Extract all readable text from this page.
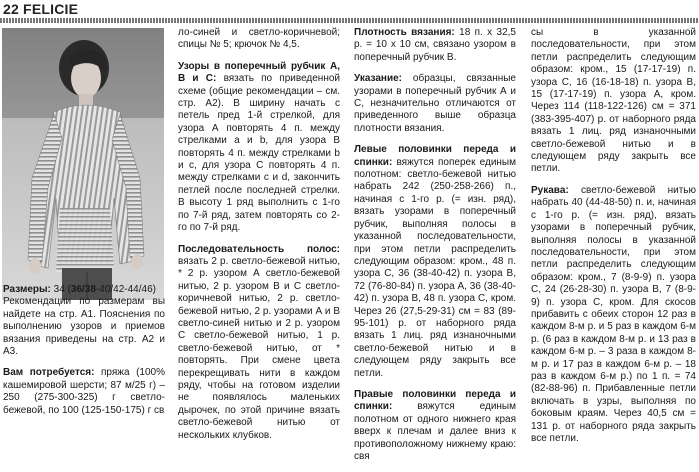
22 FELICIE

Размеры: 34 (36/38-40/42-44/46)
Рекомендации по размерам вы найдете на стр. А1. Пояснения по выполнению узоров и приемов вязания приведены на стр. А2 и А3.

Вам потребуется: пряжа (100% кашемировой шерсти; 87 м/25 г) – 250 (275-300-325) г светло-бежевой, по 100 (125-150-175) г св

ло-синей и светло-коричневой; спицы № 5; крючок № 4,5.

Узоры в поперечный рубчик А, В и С: вязать по приведенной схеме (общие рекомендации – см. стр. А2). В ширину начать с петель пред 1-й стрелкой, для узора А повторять 4 п. между стрелками а и b, для узора В повторять 4 п. между стрелками b и с, для узора С повторять 4 п. между стрелками с и d, закончить петлей после последней стрелки. В высоту 1 ряд выполнить с 1-го по 7-й ряд, затем повторять со 2-го по 7-й ряд.

Последовательность полос: вязать 2 р. светло-бежевой нитью, * 2 р. узором А светло-бежевой нитью, 2 р. узором В и С светло-коричневой нитью, 2 р. светло-бежевой нитью, 2 р. узорами А и В светло-синей нитью и 2 р. узором С светло-бежевой нитью, 1 р. светло-бежевой нитью, от * повторять. При смене цвета перекрещивать нити в каждом ряду, чтобы на готовом изделии не появлялось маленьких дырочек, по этой причине вязать светло-бежевой нитью от нескольких клубков.

Плотность вязания: 18 п. х 32,5 р. = 10 х 10 см, связано узором в поперечный рубчик В.

Указание: образцы, связанные узорами в поперечный рубчик А и С, незначительно отличаются от приведенного выше образца плотности вязания.

Левые половинки переда и спинки: вяжутся поперек единым полотном: светло-бежевой нитью набрать 242 (250-258-266) п., начиная с 1-го р. (= изн. ряд), вязать узорами в поперечный рубчик, выполняя полосы в указанной последовательности, при этом петли распределить следующим образом: кром., 48 п. узора С, 36 (38-40-42) п. узора В, 72 (76-80-84) п. узора А, 36 (38-40-42) п. узора В, 48 п. узора С, кром. Через 26 (27,5-29-31) см = 83 (89-95-101) р. от наборного ряда вязать 1 лиц. ряд изнаночными светло-бежевой нитью и в следующем ряду закрыть все петли.

Правые половинки переда и спинки: вяжутся единым полотном от одного нижнего края вверх к плечам и далее вниз к противоположному нижнему краю: свя

сы в указанной последовательности, при этом петли распределить следующим образом: кром., 15 (17-17-19) п. узора С, 16 (16-18-18) п. узора В, 15 (17-17-19) п. узора А, кром. Через 114 (118-122-126) см = 371 (383-395-407) р. от наборного ряда вязать 1 лиц. ряд изнаночными светло-бежевой нитью и в следующем ряду закрыть все петли.

Рукава: светло-бежевой нитью набрать 40 (44-48-50) п. и, начиная с 1-го р. (= изн. ряд), вязать узорами в поперечный рубчик, выполняя полосы в указанной последовательности, при этом петли распределить следующим образом: кром., 7 (8-9-9) п. узора С, 24 (26-28-30) п. узора В, 7 (8-9-9) п. узора С, кром. Для скосов прибавить с обеих сторон 12 раз в каждом 8-м р. и 5 раз в каждом 6-м р. (6 раз в каждом 8-м р. и 13 раз в каждом 6-м р. – 3 раза в каждом 8-м р. и 17 раз в каждом 6-м р. – 18 раз в каждом 6-м р.) по 1 п. = 74 (82-88-96) п. Прибавленные петли включать в узры, выполняя по боковым краям. Через 40,5 см = 131 р. от наборного ряда закрыть все петли.
